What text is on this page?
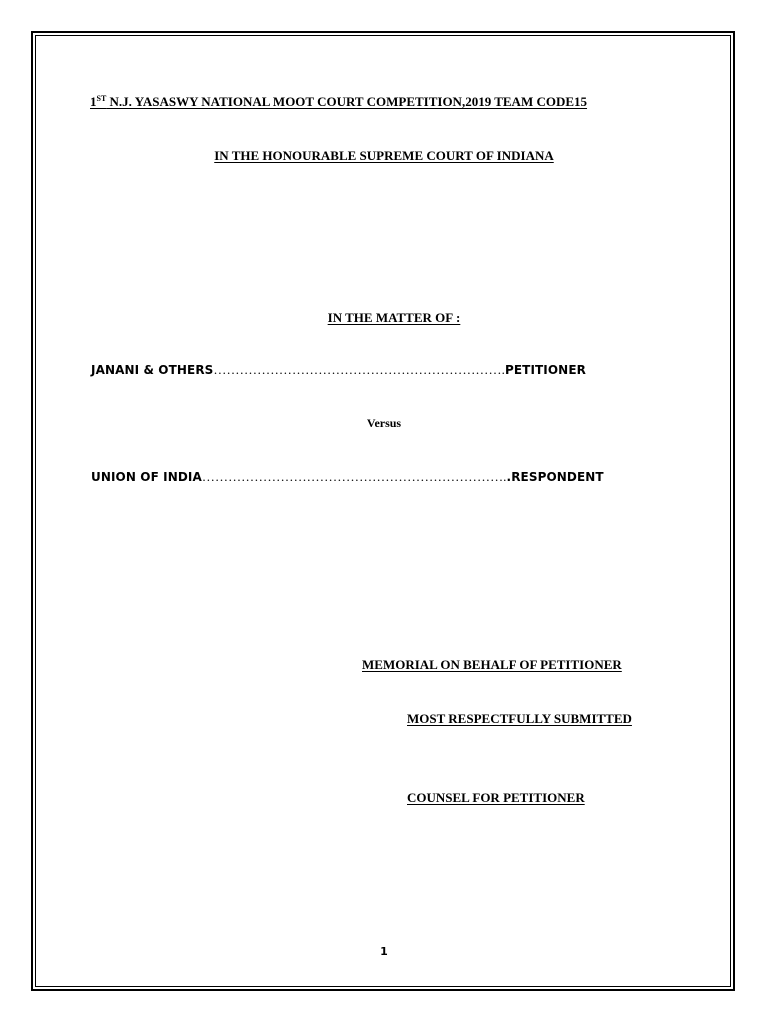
1ST N.J. YASASWY NATIONAL MOOT COURT COMPETITION,2019 TEAM CODE15
IN THE HONOURABLE SUPREME COURT OF INDIANA
IN THE MATTER OF :
JANANI & OTHERS………………………………………………………….PETITIONER
Versus
UNION OF INDIA……………………………………………………………..RESPONDENT
MEMORIAL ON BEHALF OF PETITIONER
MOST RESPECTFULLY SUBMITTED
COUNSEL FOR PETITIONER
1
